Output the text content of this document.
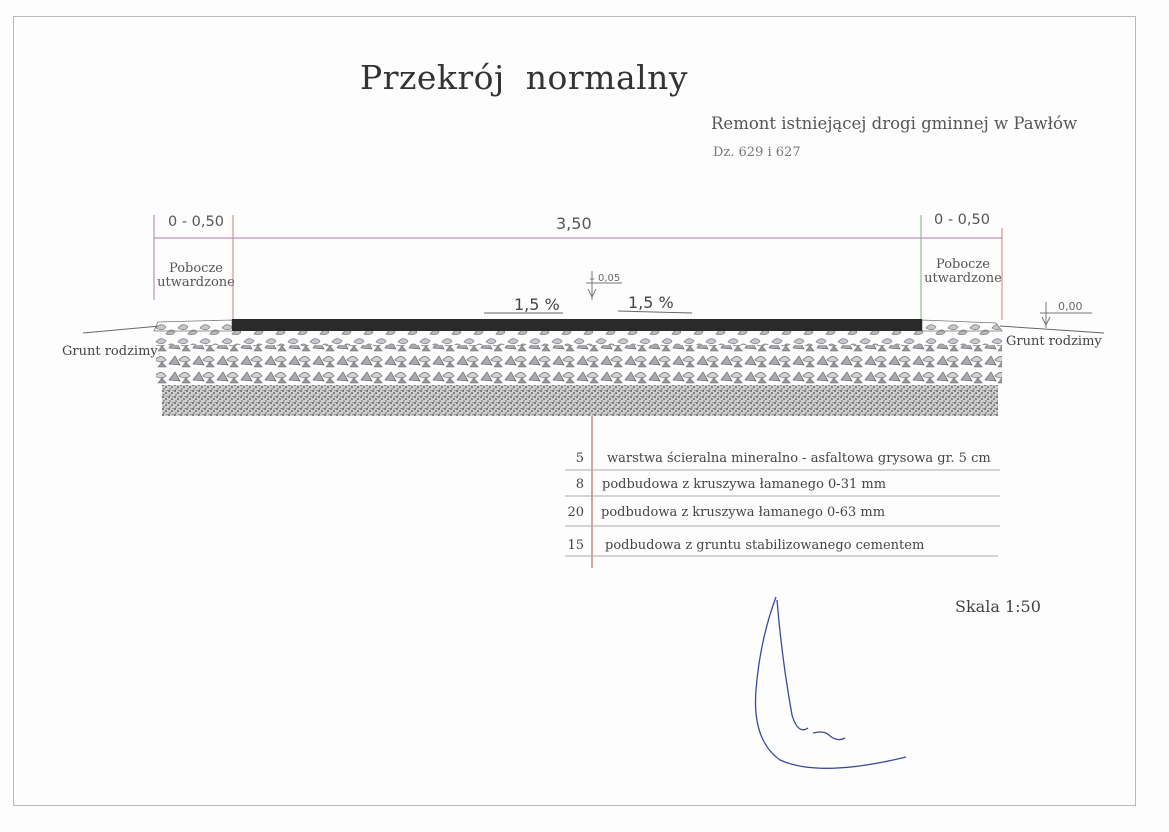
Przekrój normalny
Remont istniejącej drogi gminnej w Pawłów
Dz. 629 i 627
0 - 0,50	3,50	0 - 0,50
Pobocze
utwardzone
Pobocze
utwardzone
0,05
0,00
1,5 %	1,5 %
Grunt rodzimy
Grunt rodzimy
5 warstwa ścieralna mineralno - asfaltowa grysowa gr. 5 cm
8 podbudowa z kruszywa łamanego 0-31 mm
20 podbudowa z kruszywa łamanego 0-63 mm
15 podbudowa z gruntu stabilizowanego cementem
Skala 1:50
